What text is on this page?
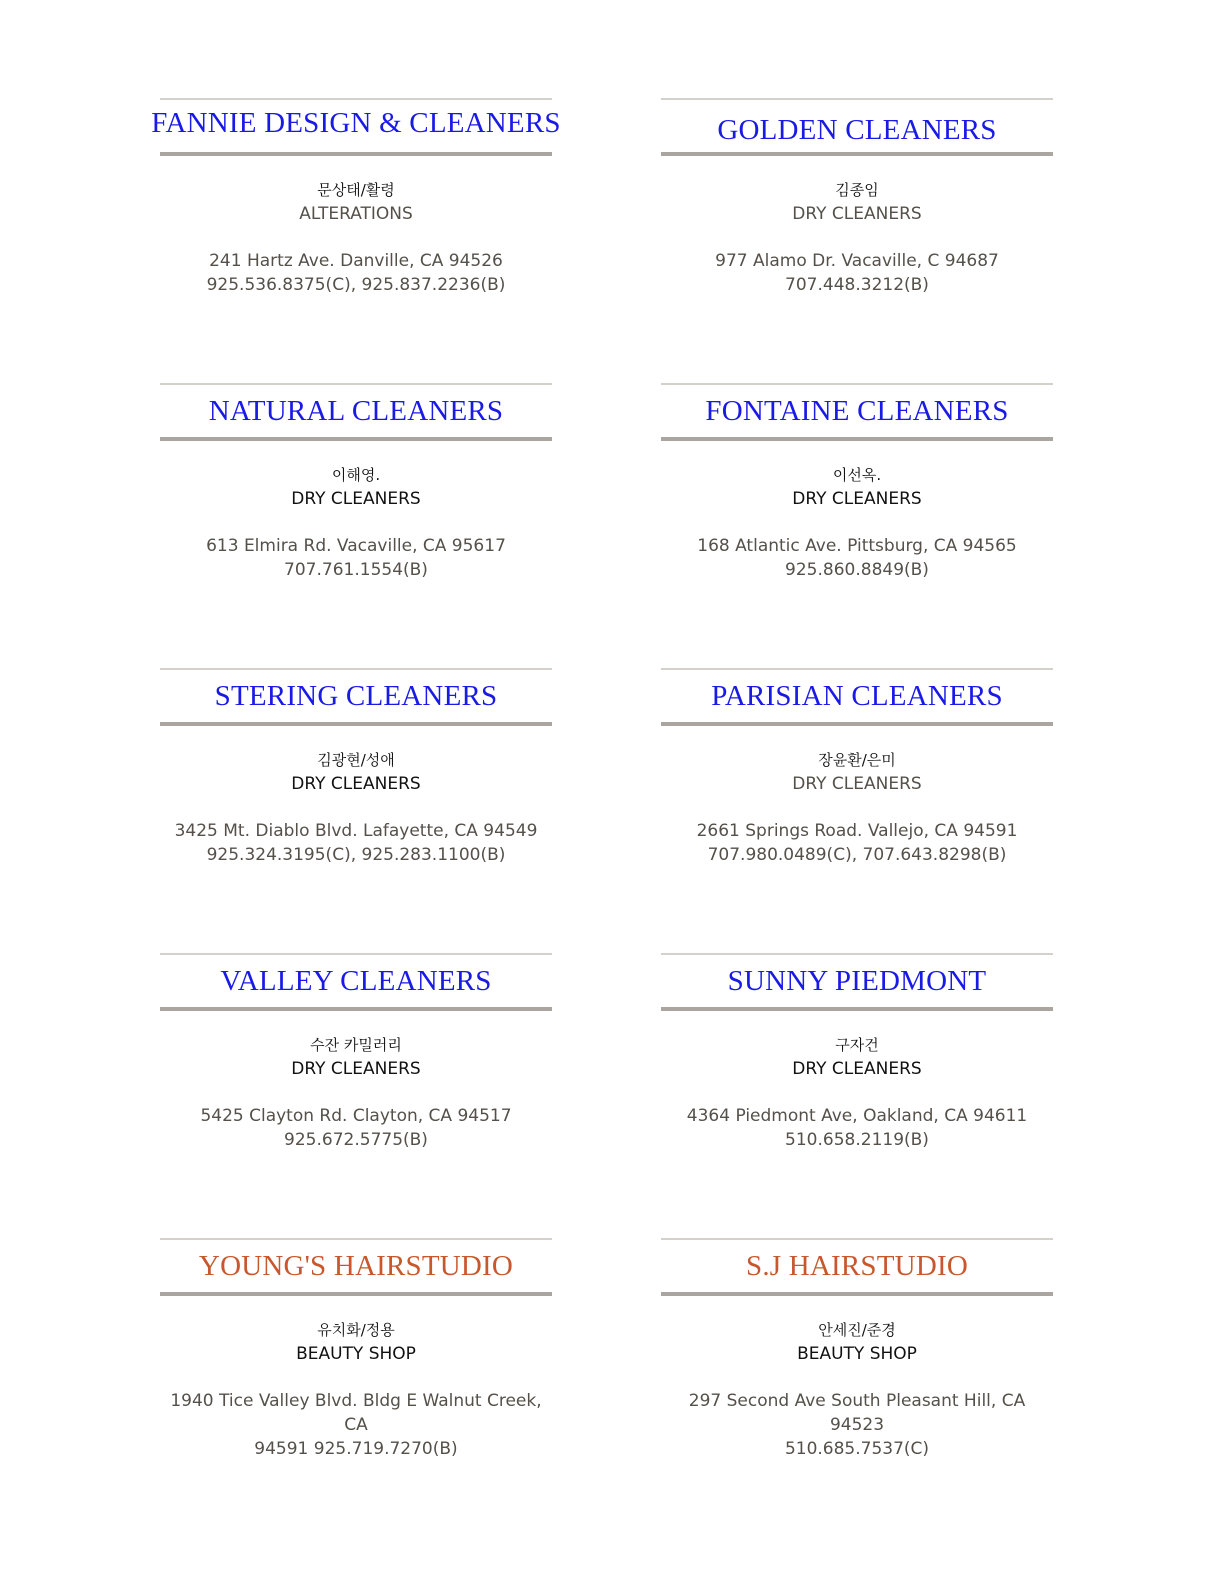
FANNIE DESIGN & CLEANERS
문상태/활령
ALTERATIONS
241 Hartz Ave. Danville, CA 94526
925.536.8375(C), 925.837.2236(B)
GOLDEN CLEANERS
김종임
DRY CLEANERS
977 Alamo Dr. Vacaville, C 94687
707.448.3212(B)
NATURAL CLEANERS
이해영.
DRY CLEANERS
613 Elmira Rd. Vacaville, CA 95617
707.761.1554(B)
FONTAINE CLEANERS
이선옥.
DRY CLEANERS
168 Atlantic Ave. Pittsburg, CA 94565
925.860.8849(B)
STERING CLEANERS
김광현/성애
DRY CLEANERS
3425 Mt. Diablo Blvd. Lafayette, CA 94549
925.324.3195(C), 925.283.1100(B)
PARISIAN CLEANERS
장윤환/은미
DRY CLEANERS
2661 Springs Road. Vallejo, CA 94591
707.980.0489(C), 707.643.8298(B)
VALLEY CLEANERS
수잔 카밀러리
DRY CLEANERS
5425 Clayton Rd. Clayton, CA 94517
925.672.5775(B)
SUNNY PIEDMONT
구자건
DRY CLEANERS
4364 Piedmont Ave, Oakland, CA 94611
510.658.2119(B)
YOUNG'S HAIRSTUDIO
유치화/정용
BEAUTY SHOP
1940 Tice Valley Blvd. Bldg E Walnut Creek, CA
94591 925.719.7270(B)
S.J HAIRSTUDIO
안세진/준경
BEAUTY SHOP
297 Second Ave South Pleasant Hill, CA 94523
510.685.7537(C)
